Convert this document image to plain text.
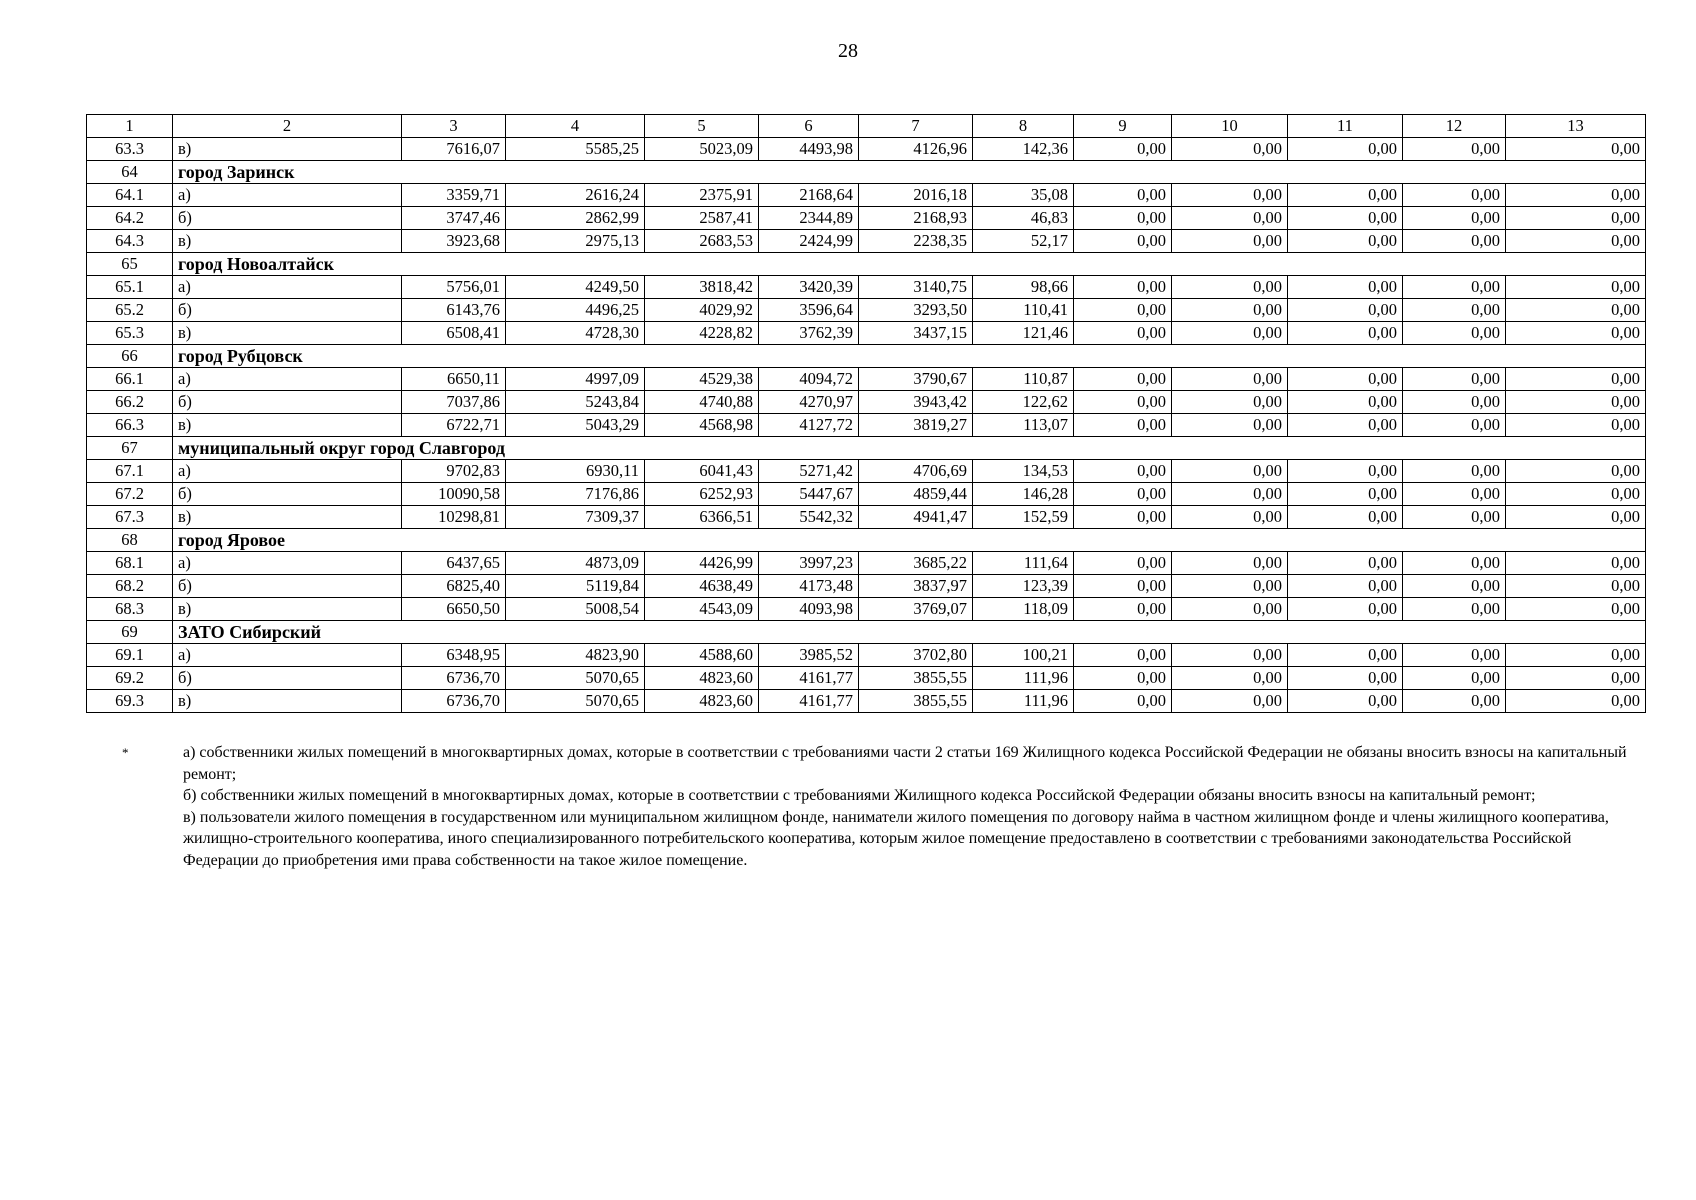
28
1	2	3	4	5	6	7	8	9	10	11	12	13
63.3	в)	7616,07	5585,25	5023,09	4493,98	4126,96	142,36	0,00	0,00	0,00	0,00	0,00
64	город Заринск											
64.1	а)	3359,71	2616,24	2375,91	2168,64	2016,18	35,08	0,00	0,00	0,00	0,00	0,00
64.2	б)	3747,46	2862,99	2587,41	2344,89	2168,93	46,83	0,00	0,00	0,00	0,00	0,00
64.3	в)	3923,68	2975,13	2683,53	2424,99	2238,35	52,17	0,00	0,00	0,00	0,00	0,00
65	город Новоалтайск											
65.1	а)	5756,01	4249,50	3818,42	3420,39	3140,75	98,66	0,00	0,00	0,00	0,00	0,00
65.2	б)	6143,76	4496,25	4029,92	3596,64	3293,50	110,41	0,00	0,00	0,00	0,00	0,00
65.3	в)	6508,41	4728,30	4228,82	3762,39	3437,15	121,46	0,00	0,00	0,00	0,00	0,00
66	город Рубцовск											
66.1	а)	6650,11	4997,09	4529,38	4094,72	3790,67	110,87	0,00	0,00	0,00	0,00	0,00
66.2	б)	7037,86	5243,84	4740,88	4270,97	3943,42	122,62	0,00	0,00	0,00	0,00	0,00
66.3	в)	6722,71	5043,29	4568,98	4127,72	3819,27	113,07	0,00	0,00	0,00	0,00	0,00
67	муниципальный округ город Славгород											
67.1	а)	9702,83	6930,11	6041,43	5271,42	4706,69	134,53	0,00	0,00	0,00	0,00	0,00
67.2	б)	10090,58	7176,86	6252,93	5447,67	4859,44	146,28	0,00	0,00	0,00	0,00	0,00
67.3	в)	10298,81	7309,37	6366,51	5542,32	4941,47	152,59	0,00	0,00	0,00	0,00	0,00
68	город Яровое											
68.1	а)	6437,65	4873,09	4426,99	3997,23	3685,22	111,64	0,00	0,00	0,00	0,00	0,00
68.2	б)	6825,40	5119,84	4638,49	4173,48	3837,97	123,39	0,00	0,00	0,00	0,00	0,00
68.3	в)	6650,50	5008,54	4543,09	4093,98	3769,07	118,09	0,00	0,00	0,00	0,00	0,00
69	ЗАТО Сибирский											
69.1	а)	6348,95	4823,90	4588,60	3985,52	3702,80	100,21	0,00	0,00	0,00	0,00	0,00
69.2	б)	6736,70	5070,65	4823,60	4161,77	3855,55	111,96	0,00	0,00	0,00	0,00	0,00
69.3	в)	6736,70	5070,65	4823,60	4161,77	3855,55	111,96	0,00	0,00	0,00	0,00	0,00
*	а) собственники жилых помещений в многоквартирных домах, которые в соответствии с требованиями части 2 статьи 169 Жилищного кодекса Российской Федерации не обязаны вносить взносы на капитальный ремонт;

б) собственники жилых помещений в многоквартирных домах, которые в соответствии с требованиями Жилищного кодекса Российской Федерации обязаны вносить взносы на капитальный ремонт;

в) пользователи жилого помещения в государственном или муниципальном жилищном фонде, наниматели жилого помещения по договору найма в частном жилищном фонде и члены жилищного кооператива, жилищно-строительного кооператива, иного специализированного потребительского кооператива, которым жилое помещение предоставлено в соответствии с требованиями законодательства Российской Федерации до приобретения ими права собственности на такое жилое помещение.
